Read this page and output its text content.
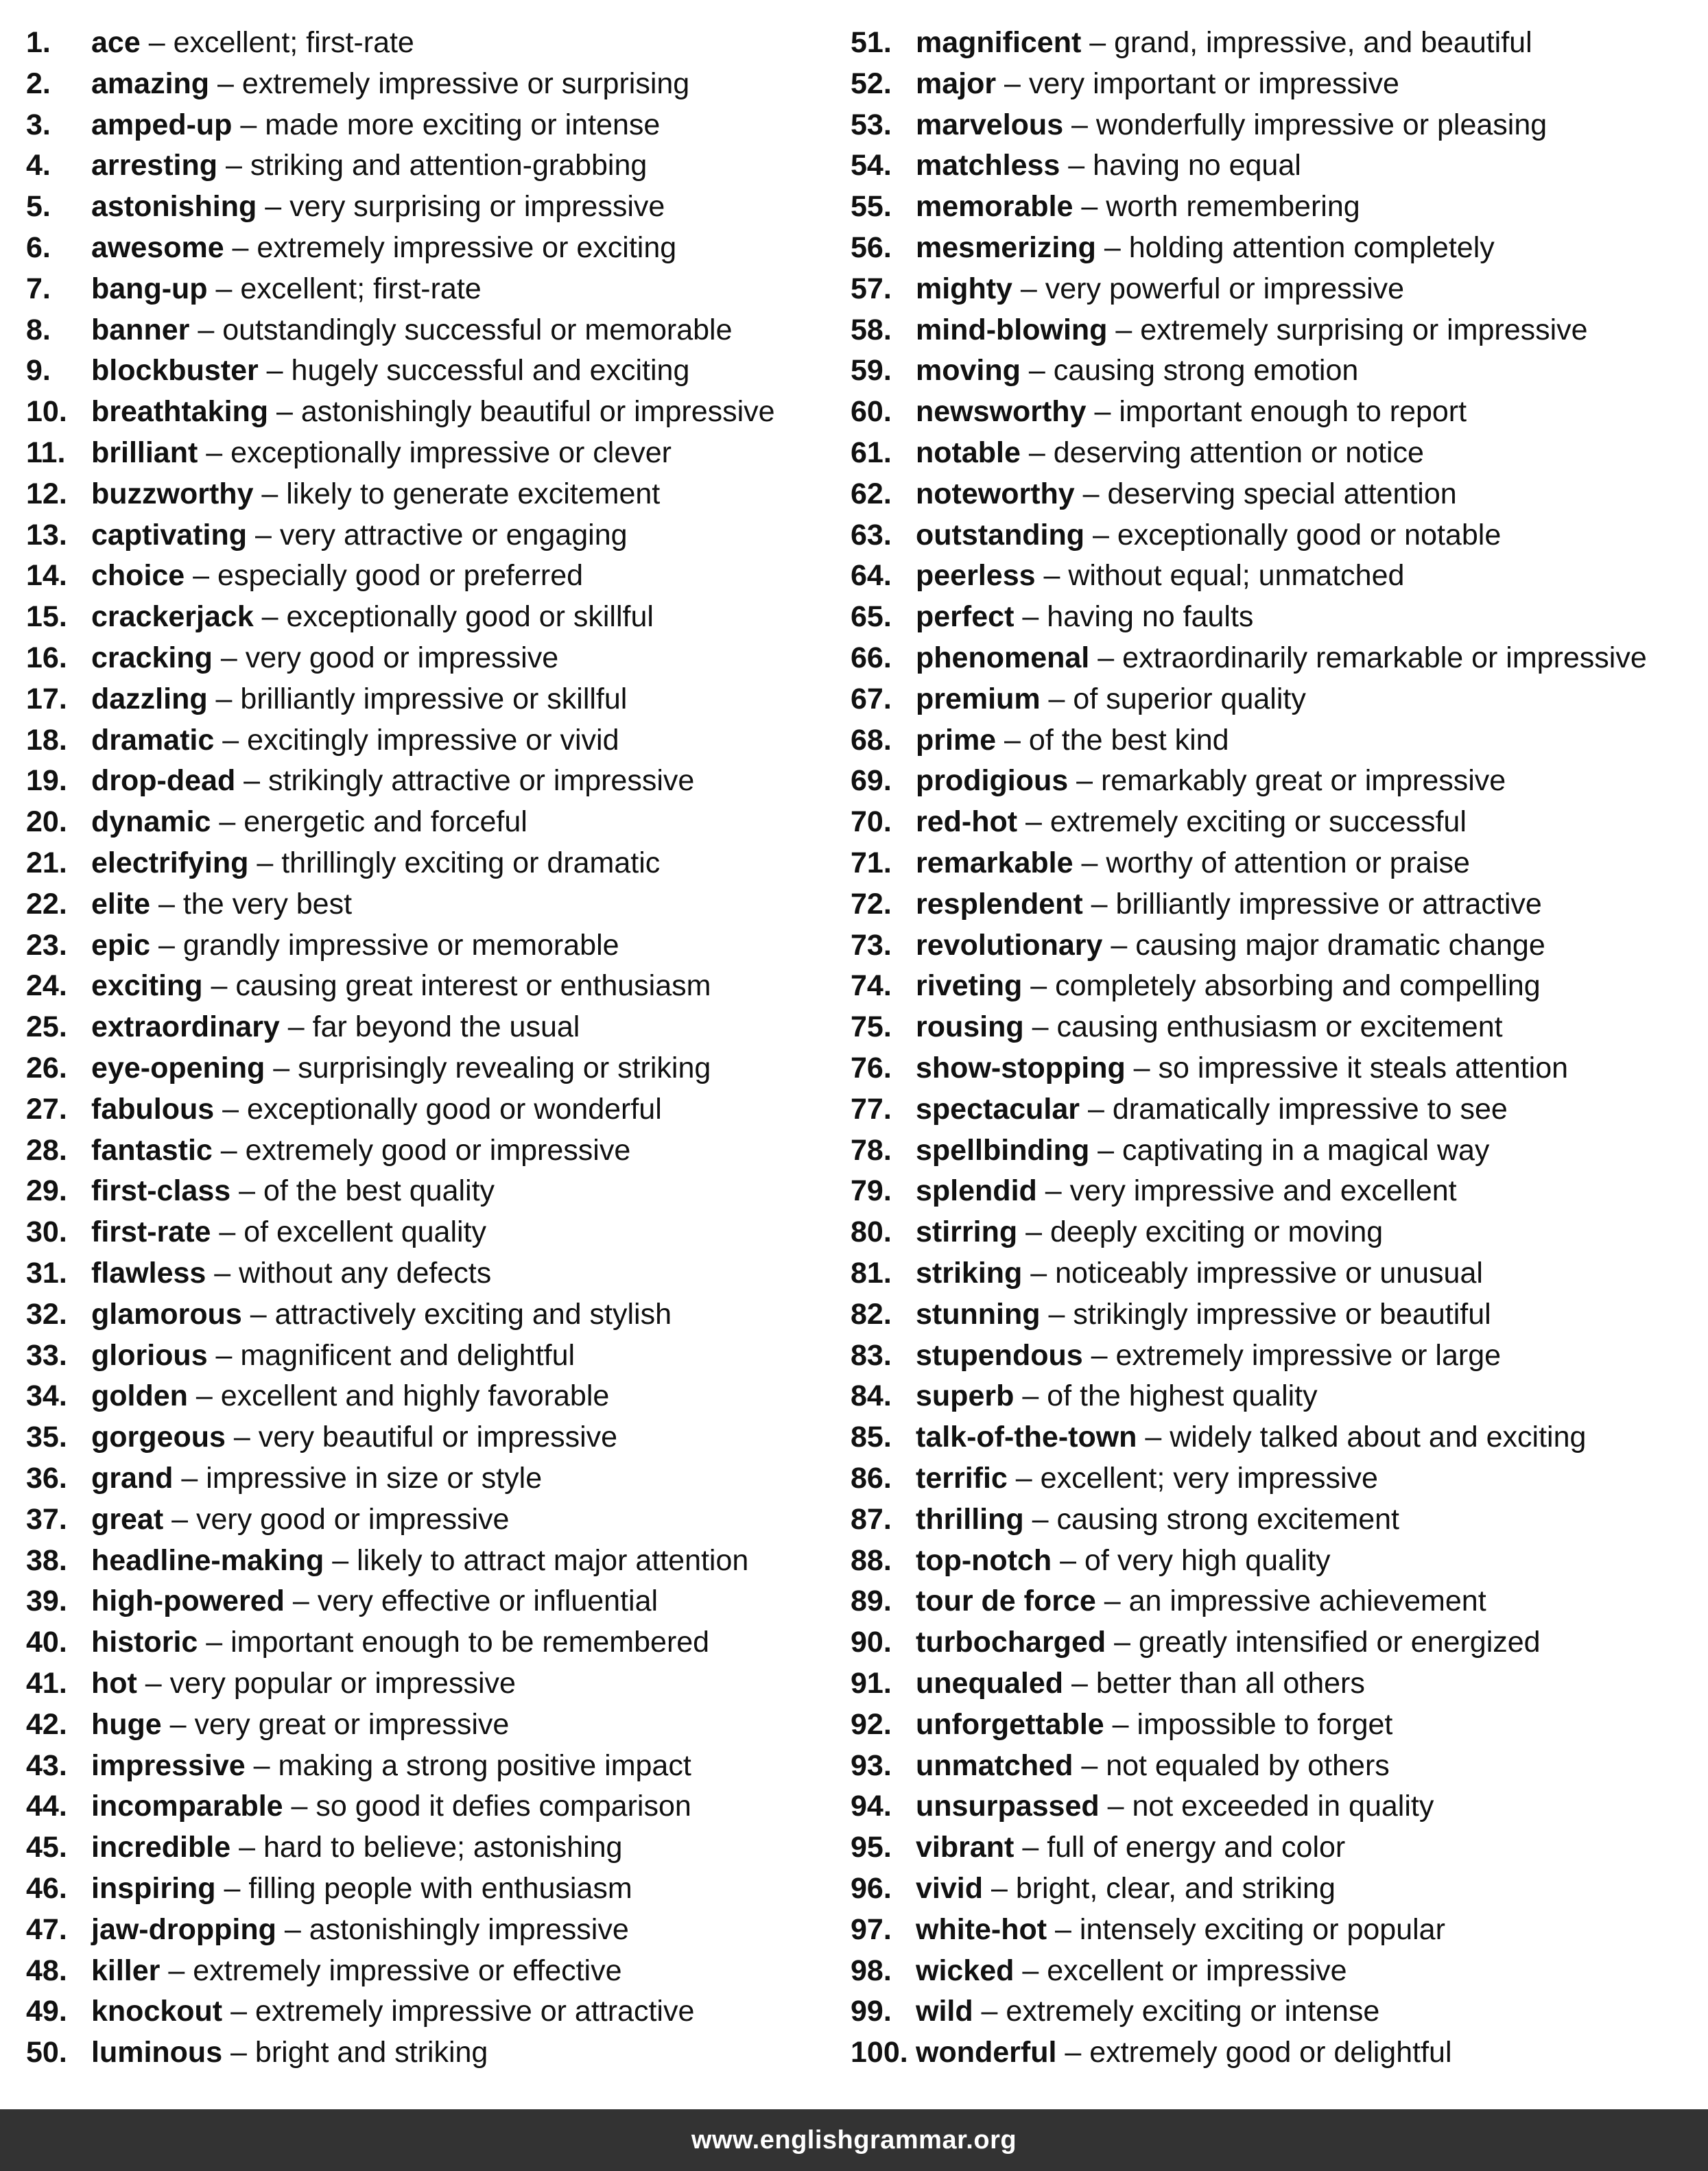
1. ace – excellent; first-rate
2. amazing – extremely impressive or surprising
3. amped-up – made more exciting or intense
4. arresting – striking and attention-grabbing
5. astonishing – very surprising or impressive
6. awesome – extremely impressive or exciting
7. bang-up – excellent; first-rate
8. banner – outstandingly successful or memorable
9. blockbuster – hugely successful and exciting
10. breathtaking – astonishingly beautiful or impressive
11. brilliant – exceptionally impressive or clever
12. buzzworthy – likely to generate excitement
13. captivating – very attractive or engaging
14. choice – especially good or preferred
15. crackerjack – exceptionally good or skillful
16. cracking – very good or impressive
17. dazzling – brilliantly impressive or skillful
18. dramatic – excitingly impressive or vivid
19. drop-dead – strikingly attractive or impressive
20. dynamic – energetic and forceful
21. electrifying – thrillingly exciting or dramatic
22. elite – the very best
23. epic – grandly impressive or memorable
24. exciting – causing great interest or enthusiasm
25. extraordinary – far beyond the usual
26. eye-opening – surprisingly revealing or striking
27. fabulous – exceptionally good or wonderful
28. fantastic – extremely good or impressive
29. first-class – of the best quality
30. first-rate – of excellent quality
31. flawless – without any defects
32. glamorous – attractively exciting and stylish
33. glorious – magnificent and delightful
34. golden – excellent and highly favorable
35. gorgeous – very beautiful or impressive
36. grand – impressive in size or style
37. great – very good or impressive
38. headline-making – likely to attract major attention
39. high-powered – very effective or influential
40. historic – important enough to be remembered
41. hot – very popular or impressive
42. huge – very great or impressive
43. impressive – making a strong positive impact
44. incomparable – so good it defies comparison
45. incredible – hard to believe; astonishing
46. inspiring – filling people with enthusiasm
47. jaw-dropping – astonishingly impressive
48. killer – extremely impressive or effective
49. knockout – extremely impressive or attractive
50. luminous – bright and striking
51. magnificent – grand, impressive, and beautiful
52. major – very important or impressive
53. marvelous – wonderfully impressive or pleasing
54. matchless – having no equal
55. memorable – worth remembering
56. mesmerizing – holding attention completely
57. mighty – very powerful or impressive
58. mind-blowing – extremely surprising or impressive
59. moving – causing strong emotion
60. newsworthy – important enough to report
61. notable – deserving attention or notice
62. noteworthy – deserving special attention
63. outstanding – exceptionally good or notable
64. peerless – without equal; unmatched
65. perfect – having no faults
66. phenomenal – extraordinarily remarkable or impressive
67. premium – of superior quality
68. prime – of the best kind
69. prodigious – remarkably great or impressive
70. red-hot – extremely exciting or successful
71. remarkable – worthy of attention or praise
72. resplendent – brilliantly impressive or attractive
73. revolutionary – causing major dramatic change
74. riveting – completely absorbing and compelling
75. rousing – causing enthusiasm or excitement
76. show-stopping – so impressive it steals attention
77. spectacular – dramatically impressive to see
78. spellbinding – captivating in a magical way
79. splendid – very impressive and excellent
80. stirring – deeply exciting or moving
81. striking – noticeably impressive or unusual
82. stunning – strikingly impressive or beautiful
83. stupendous – extremely impressive or large
84. superb – of the highest quality
85. talk-of-the-town – widely talked about and exciting
86. terrific – excellent; very impressive
87. thrilling – causing strong excitement
88. top-notch – of very high quality
89. tour de force – an impressive achievement
90. turbocharged – greatly intensified or energized
91. unequaled – better than all others
92. unforgettable – impossible to forget
93. unmatched – not equaled by others
94. unsurpassed – not exceeded in quality
95. vibrant – full of energy and color
96. vivid – bright, clear, and striking
97. white-hot – intensely exciting or popular
98. wicked – excellent or impressive
99. wild – extremely exciting or intense
100. wonderful – extremely good or delightful
www.englishgrammar.org
